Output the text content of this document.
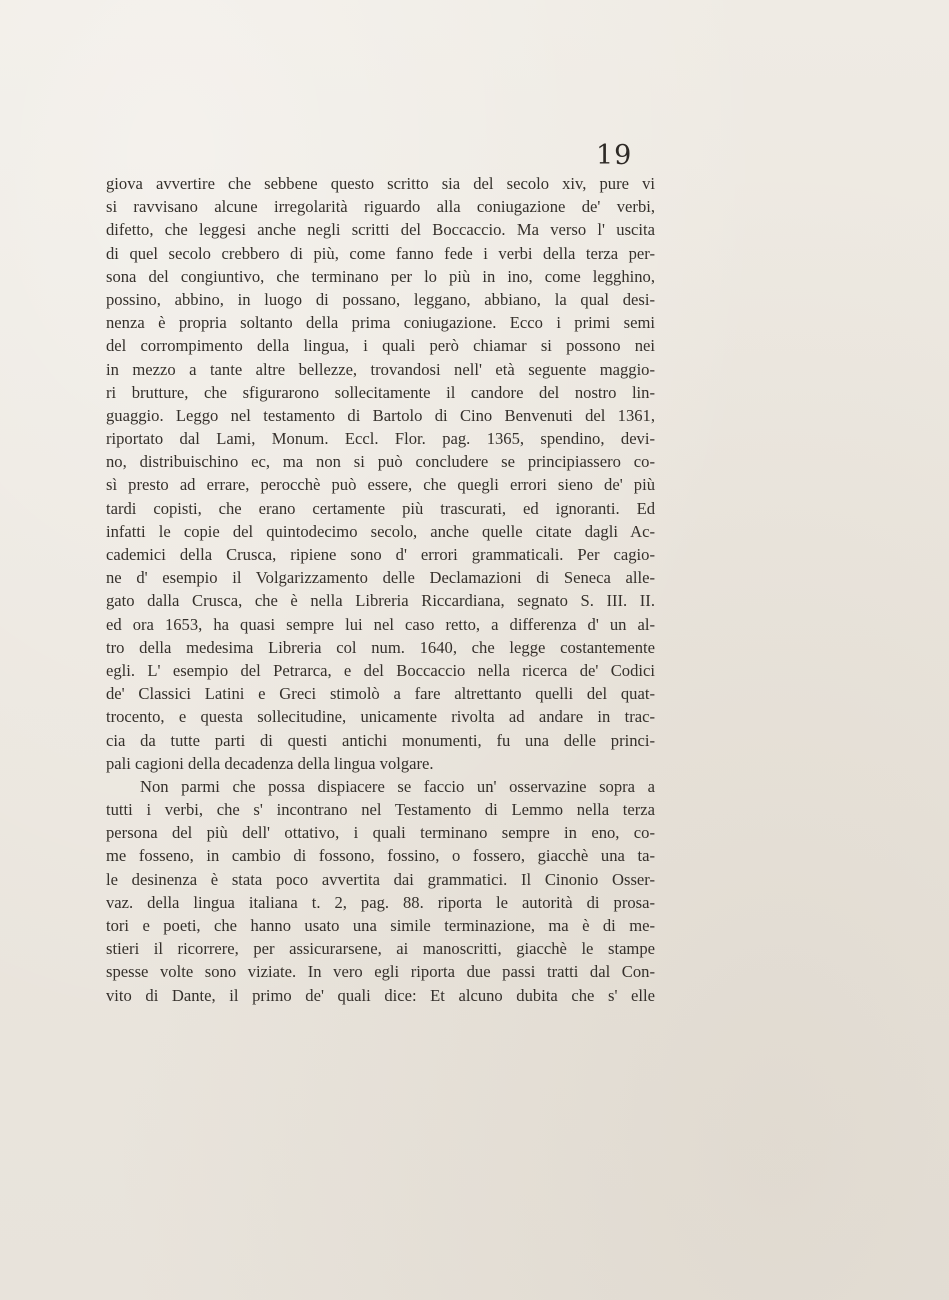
19
giova avvertire che sebbene questo scritto sia del secolo xiv, pure vi
si ravvisano alcune irregolarità riguardo alla coniugazione de' verbi,
difetto, che leggesi anche negli scritti del Boccaccio. Ma verso l' uscita
di quel secolo crebbero di più, come fanno fede i verbi della terza per-
sona del congiuntivo, che terminano per lo più in ino, come legghino,
possino, abbino, in luogo di possano, leggano, abbiano, la qual desi-
nenza è propria soltanto della prima coniugazione. Ecco i primi semi
del corrompimento della lingua, i quali però chiamar si possono nei
in mezzo a tante altre bellezze, trovandosi nell' età seguente maggio-
ri brutture, che sfigurarono sollecitamente il candore del nostro lin-
guaggio. Leggo nel testamento di Bartolo di Cino Benvenuti del 1361,
riportato dal Lami, Monum. Eccl. Flor. pag. 1365, spendino, devi-
no, distribuischino ec, ma non si può concludere se principiassero co-
sì presto ad errare, perocchè può essere, che quegli errori sieno de' più
tardi copisti, che erano certamente più trascurati, ed ignoranti. Ed
infatti le copie del quintodecimo secolo, anche quelle citate dagli Ac-
cademici della Crusca, ripiene sono d' errori grammaticali. Per cagio-
ne d' esempio il Volgarizzamento delle Declamazioni di Seneca alle-
gato dalla Crusca, che è nella Libreria Riccardiana, segnato S. III. II.
ed ora 1653, ha quasi sempre lui nel caso retto, a differenza d' un al-
tro della medesima Libreria col num. 1640, che legge costantemente
egli. L' esempio del Petrarca, e del Boccaccio nella ricerca de' Codici
de' Classici Latini e Greci stimolò a fare altrettanto quelli del quat-
trocento, e questa sollecitudine, unicamente rivolta ad andare in trac-
cia da tutte parti di questi antichi monumenti, fu una delle princi-
pali cagioni della decadenza della lingua volgare.
Non parmi che possa dispiacere se faccio un' osservazine sopra a
tutti i verbi, che s' incontrano nel Testamento di Lemmo nella terza
persona del più dell' ottativo, i quali terminano sempre in eno, co-
me fosseno, in cambio di fossono, fossino, o fossero, giacchè una ta-
le desinenza è stata poco avvertita dai grammatici. Il Cinonio Osser-
vaz. della lingua italiana t. 2, pag. 88. riporta le autorità di prosa-
tori e poeti, che hanno usato una simile terminazione, ma è di me-
stieri il ricorrere, per assicurarsene, ai manoscritti, giacchè le stampe
spesse volte sono viziate. In vero egli riporta due passi tratti dal Con-
vito di Dante, il primo de' quali dice: Et alcuno dubita che s' elle
